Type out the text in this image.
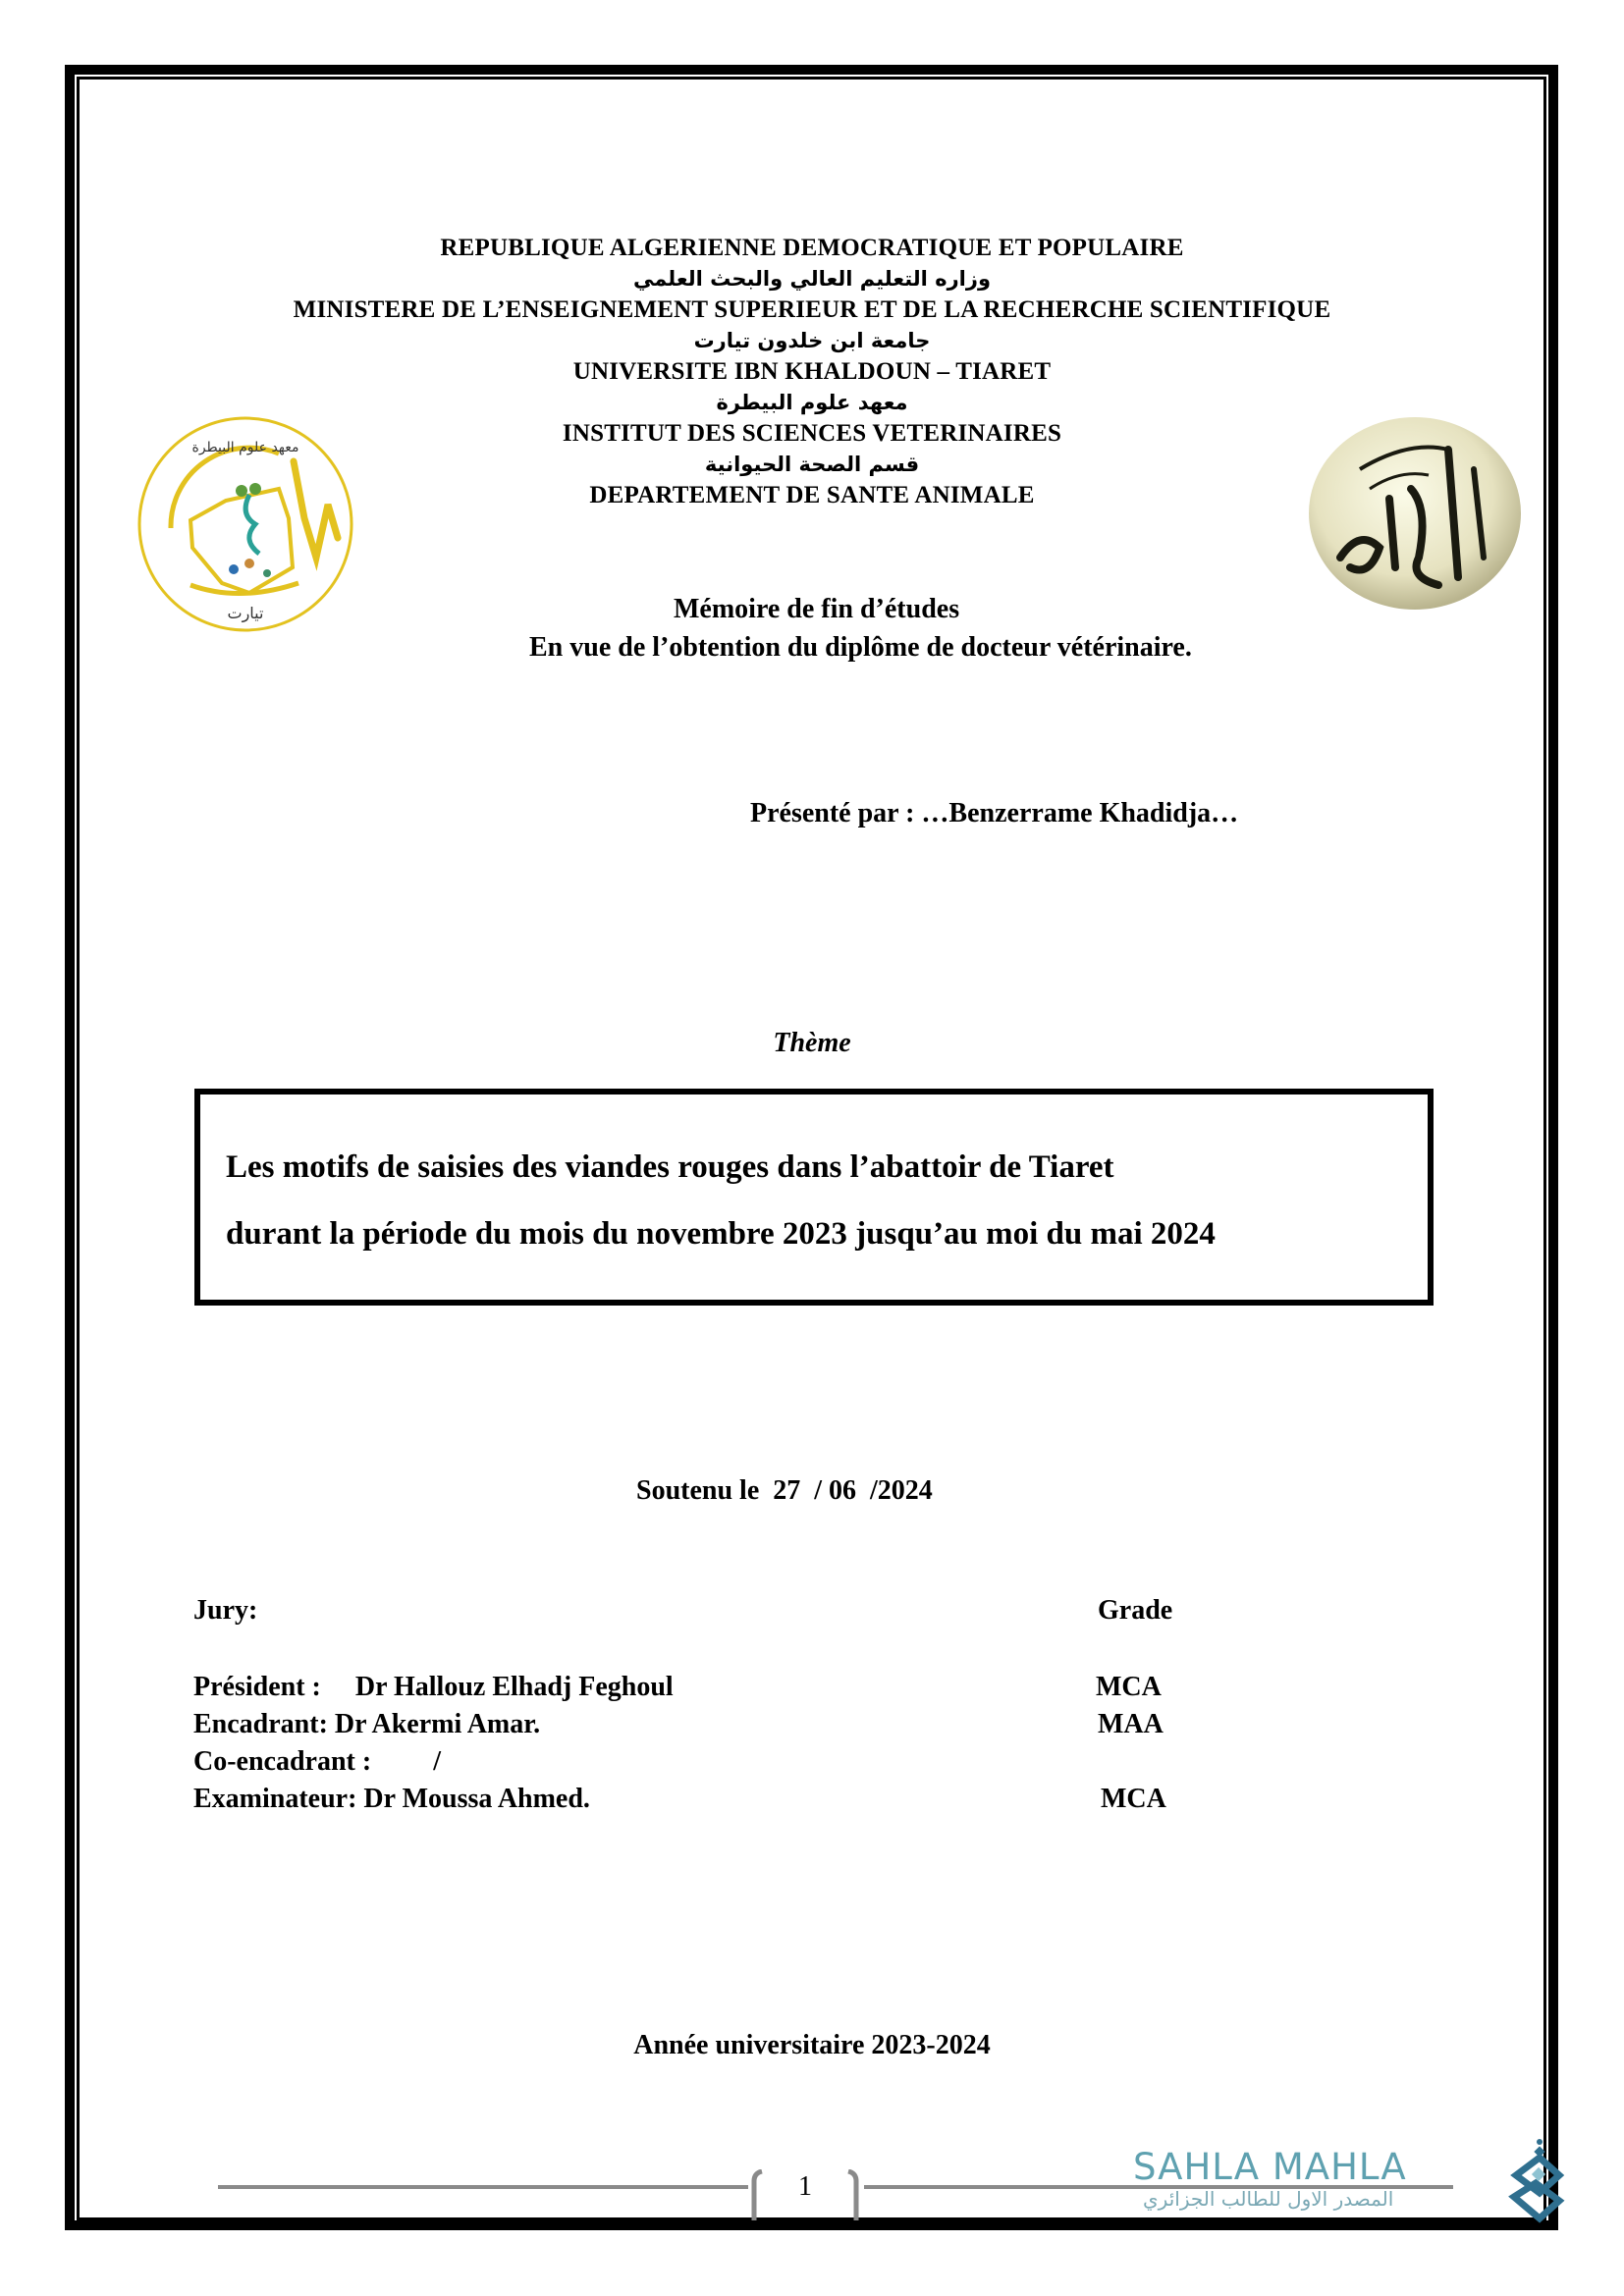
REPUBLIQUE ALGERIENNE DEMOCRATIQUE ET POPULAIRE
وزاره التعليم العالي والبحث العلمي
MINISTERE DE L’ENSEIGNEMENT SUPERIEUR ET DE LA RECHERCHE SCIENTIFIQUE
جامعة ابن خلدون تيارت
UNIVERSITE IBN KHALDOUN – TIARET
معهد علوم البيطرة
INSTITUT DES SCIENCES VETERINAIRES
قسم الصحة الحيوانية
DEPARTEMENT DE SANTE ANIMALE
معهد علوم البيطرة
تيارت	Mémoire de fin d’études
En vue de l’obtention du diplôme de docteur vétérinaire.
Présenté par : …Benzerrame Khadidja…
Thème
Les motifs de saisies des viandes rouges dans l’abattoir de Tiaret
durant la période du mois du novembre 2023 jusqu’au moi du mai 2024
Soutenu le  27  / 06  /2024
Jury:	Grade
Président :     Dr Hallouz Elhadj Feghoul	MCA
Encadrant: Dr Akermi Amar.	MAA
Co-encadrant :         /
Examinateur: Dr Moussa Ahmed.	MCA
Année universitaire 2023-2024
1	SAHLA MAHLA
المصدر الاول للطالب الجزائري
